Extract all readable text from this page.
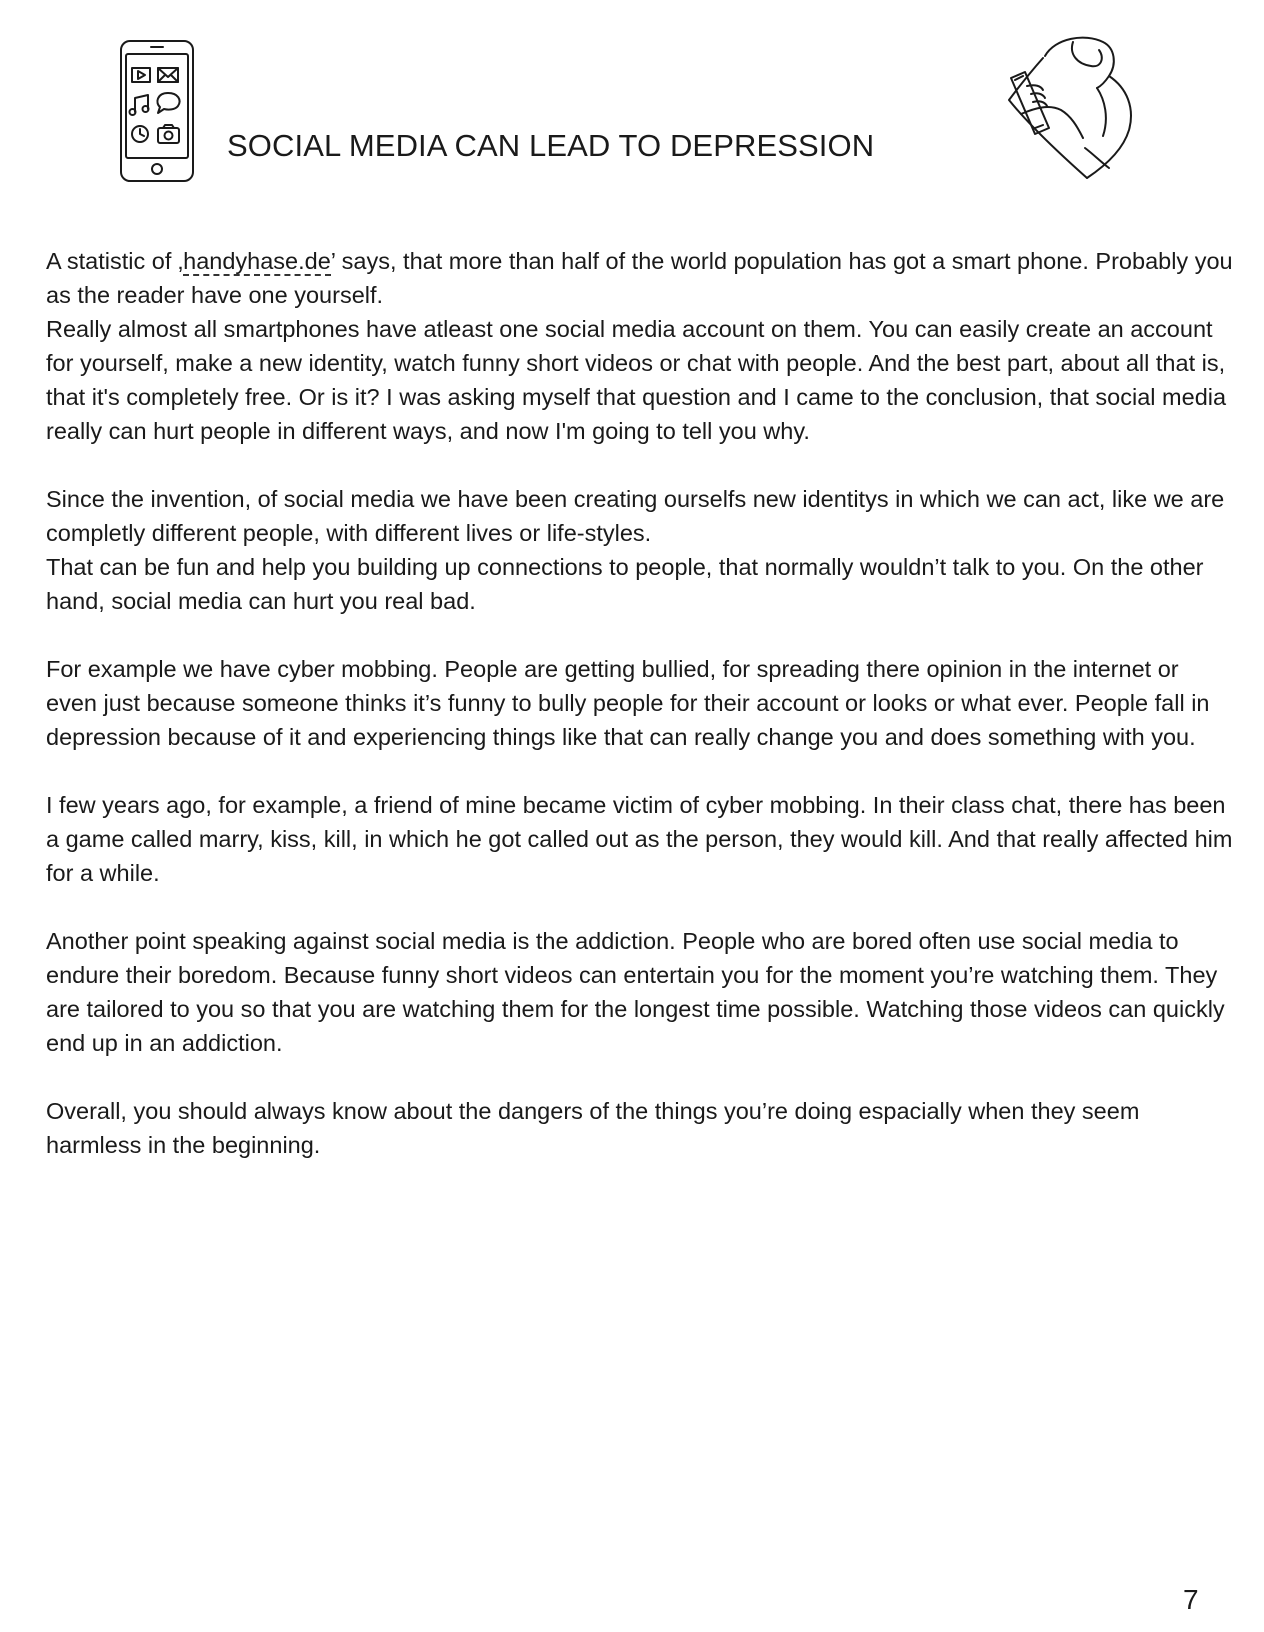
SOCIAL MEDIA CAN LEAD TO DEPRESSION

A statistic of ‚handyhase.de’ says, that more than half of the world population has got a smart phone. Probably you as the reader have one yourself.
Really almost all smartphones have atleast one social media account on them. You can easily create an account for yourself, make a new identity, watch funny short videos or chat with people. And the best part, about all that is, that it's completely free. Or is it? I was asking myself that question and I came to the conclusion, that social media really can hurt people in different ways, and now I'm going to tell you why.

Since the invention, of social media we have been creating ourselfs new identitys in which we can act, like we are completly different people, with different lives or life-styles.
That can be fun and help you building up connections to people, that normally wouldn’t talk to you. On the other hand, social media can hurt you real bad.

For example we have cyber mobbing. People are getting bullied, for spreading there opinion in the internet or even just because someone thinks it’s funny to bully people for their account or looks or what ever. People fall in depression because of it and experiencing things like that can really change you and does something with you.

I few years ago, for example, a friend of mine became victim of cyber mobbing. In their class chat, there has been a game called marry, kiss, kill, in which he got called out as the person, they would kill. And that really affected him for a while.

Another point speaking against social media is the addiction. People who are bored often use social media to endure their boredom. Because funny short videos can entertain you for the moment you’re watching them. They are tailored to you so that you are watching them for the longest time possible. Watching those videos can quickly end up in an addiction.

Overall, you should always know about the dangers of the things you’re doing espacially when they seem harmless in the beginning.

7
